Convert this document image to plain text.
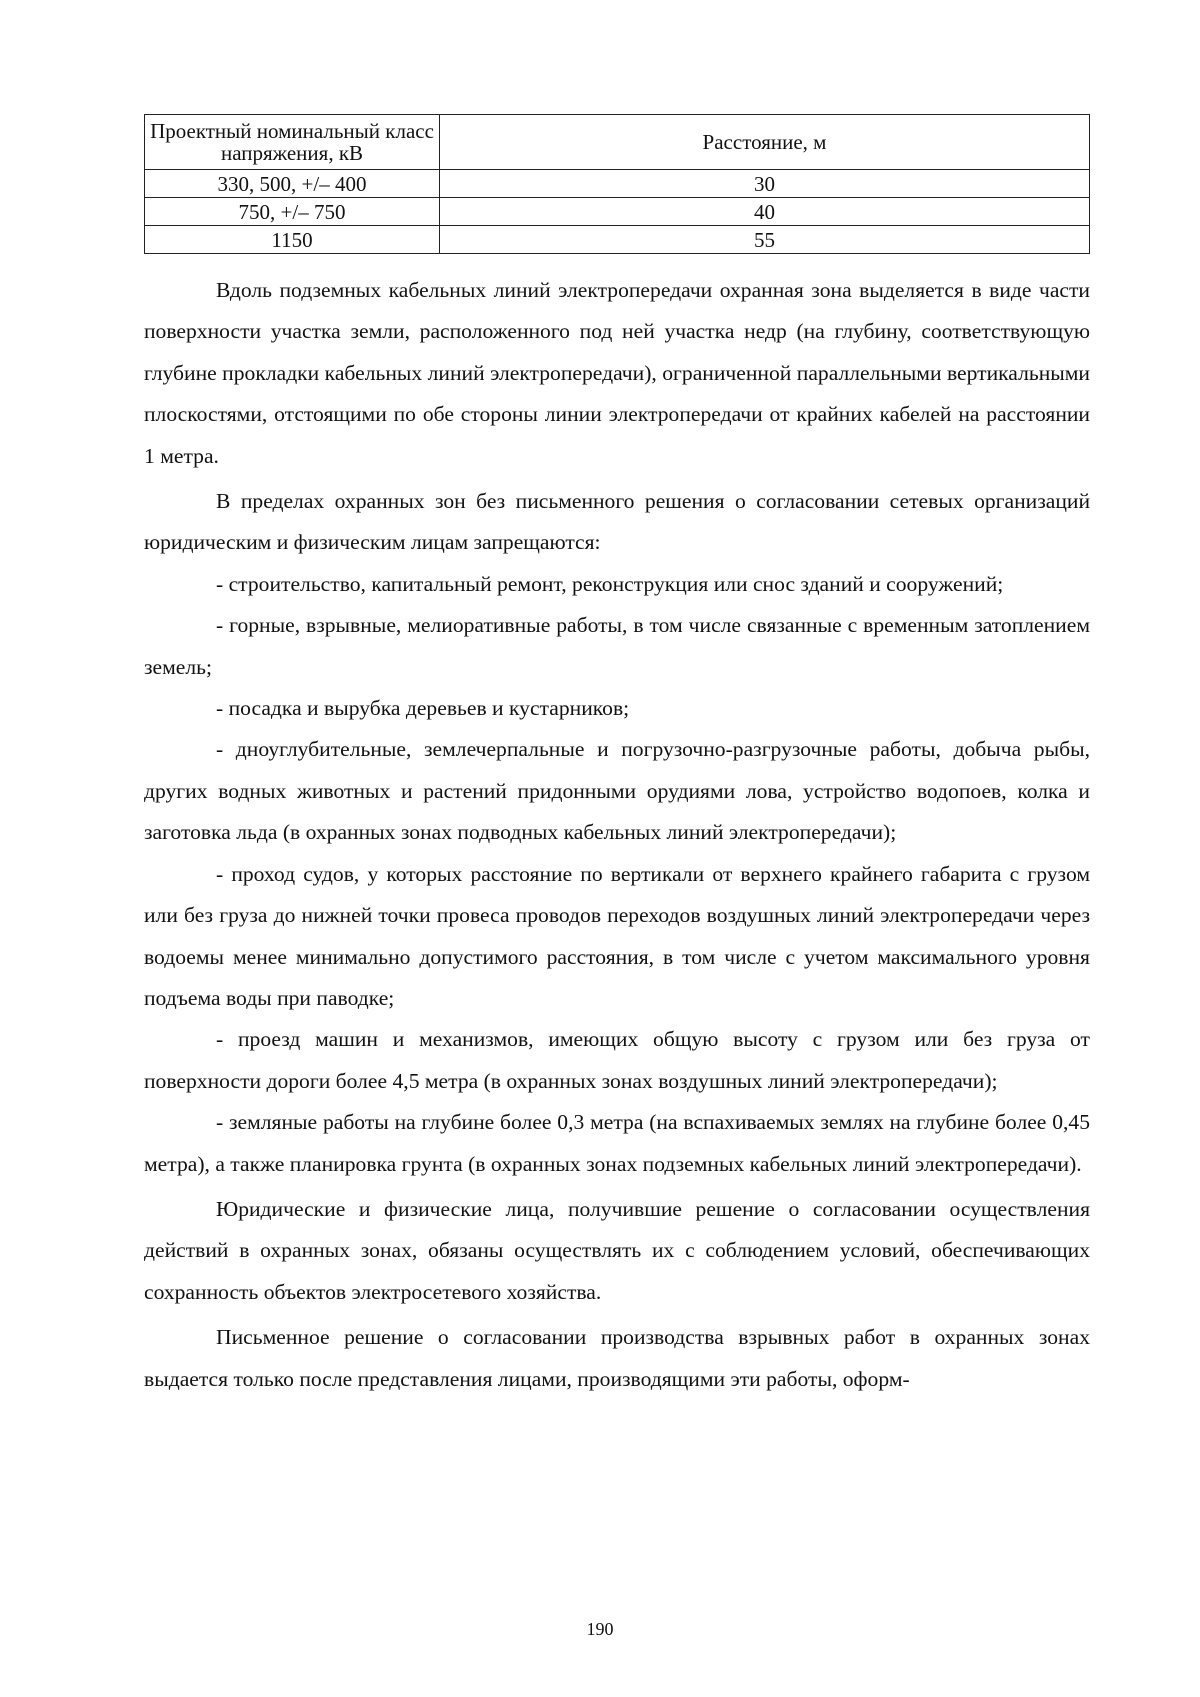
Проектный номинальный класс напряжения, кВ	Расстояние, м
330, 500, +/– 400	30
750, +/– 750	40
1150	55

Вдоль подземных кабельных линий электропередачи охранная зона выделяется в виде части поверхности участка земли, расположенного под ней участка недр (на глубину, соответствующую глубине прокладки кабельных линий электропередачи), ограниченной параллельными вертикальными плоскостями, отстоящими по обе стороны линии электропередачи от крайних кабелей на расстоянии 1 метра.

В пределах охранных зон без письменного решения о согласовании сетевых организаций юридическим и физическим лицам запрещаются:

- строительство, капитальный ремонт, реконструкция или снос зданий и сооружений;

- горные, взрывные, мелиоративные работы, в том числе связанные с временным затоплением земель;

- посадка и вырубка деревьев и кустарников;

- дноуглубительные, землечерпальные и погрузочно-разгрузочные работы, добыча рыбы, других водных животных и растений придонными орудиями лова, устройство водопоев, колка и заготовка льда (в охранных зонах подводных кабельных линий электропередачи);

- проход судов, у которых расстояние по вертикали от верхнего крайнего габарита с грузом или без груза до нижней точки провеса проводов переходов воздушных линий электропередачи через водоемы менее минимально допустимого расстояния, в том числе с учетом максимального уровня подъема воды при паводке;

- проезд машин и механизмов, имеющих общую высоту с грузом или без груза от поверхности дороги более 4,5 метра (в охранных зонах воздушных линий электропередачи);

- земляные работы на глубине более 0,3 метра (на вспахиваемых землях на глубине более 0,45 метра), а также планировка грунта (в охранных зонах подземных кабельных линий электропередачи).

Юридические и физические лица, получившие решение о согласовании осуществления действий в охранных зонах, обязаны осуществлять их с соблюдением условий, обеспечивающих сохранность объектов электросетевого хозяйства.

Письменное решение о согласовании производства взрывных работ в охранных зонах выдается только после представления лицами, производящими эти работы, оформ-

190
